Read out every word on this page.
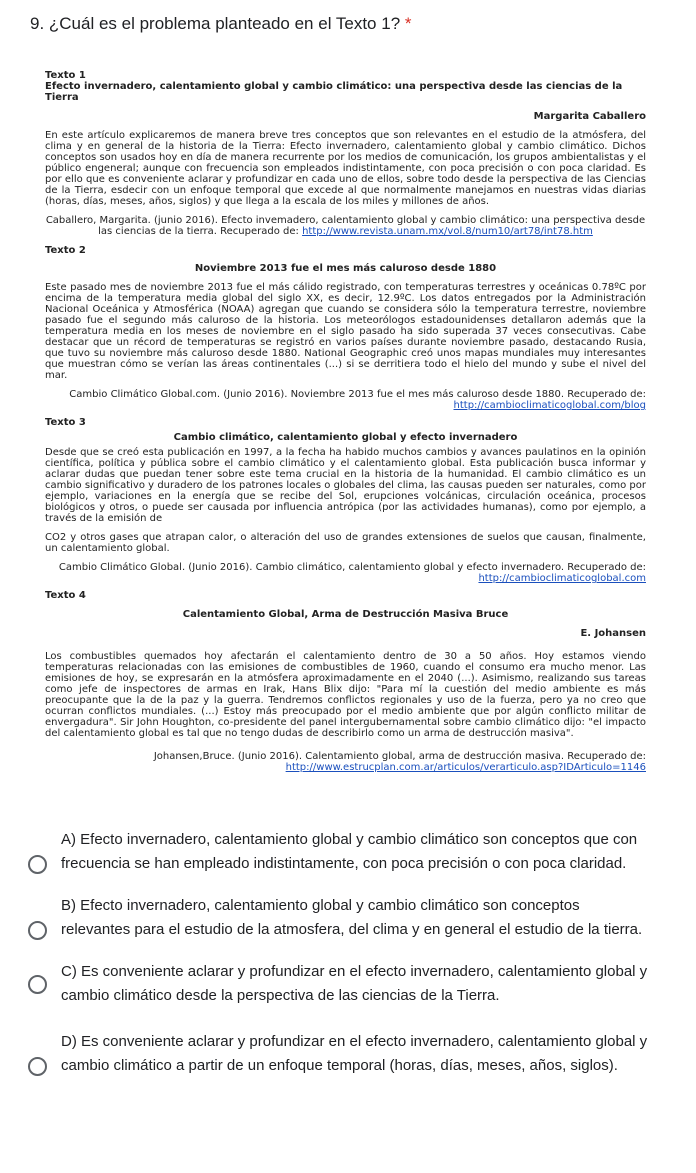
9. ¿Cuál es el problema planteado en el Texto 1? *
Texto 1
Efecto invernadero, calentamiento global y cambio climático: una perspectiva desde las ciencias de la Tierra
Margarita Caballero
En este artículo explicaremos de manera breve tres conceptos que son relevantes en el estudio de la atmósfera, del clima y en general de la historia de la Tierra: Efecto invernadero, calentamiento global y cambio climático. Dichos conceptos son usados hoy en día de manera recurrente por los medios de comunicación, los grupos ambientalistas y el público engeneral; aunque con frecuencia son empleados indistintamente, con poca precisión o con poca claridad. Es por ello que es conveniente aclarar y profundizar en cada uno de ellos, sobre todo desde la perspectiva de las Ciencias de la Tierra, esdecir con un enfoque temporal que excede al que normalmente manejamos en nuestras vidas diarias (horas, días, meses, años, siglos) y que llega a la escala de los miles y millones de años.
Caballero, Margarita. (junio 2016). Efecto invemadero, calentamiento global y cambio climático: una perspectiva desde las ciencias de la tierra. Recuperado de: http://www.revista.unam.mx/vol.8/num10/art78/int78.htm
Texto 2
Noviembre 2013 fue el mes más caluroso desde 1880
Este pasado mes de noviembre 2013 fue el más cálido registrado, con temperaturas terrestres y oceánicas 0.78ºC por encima de la temperatura media global del siglo XX, es decir, 12.9ºC. Los datos entregados por la Administración Nacional Oceánica y Atmosférica (NOAA) agregan que cuando se considera sólo la temperatura terrestre, noviembre pasado fue el segundo más caluroso de la historia. Los meteorólogos estadounidenses detallaron además que la temperatura media en los meses de noviembre en el siglo pasado ha sido superada 37 veces consecutivas. Cabe destacar que un récord de temperaturas se registró en varios países durante noviembre pasado, destacando Rusia, que tuvo su noviembre más caluroso desde 1880. National Geographic creó unos mapas mundiales muy interesantes que muestran cómo se verían las áreas continentales (...) si se derritiera todo el hielo del mundo y sube el nivel del mar.
Cambio Climático Global.com. (Junio 2016). Noviembre 2013 fue el mes más caluroso desde 1880. Recuperado de:
http://cambioclimaticoglobal.com/blog
Texto 3
Cambio climático, calentamiento global y efecto invernadero
Desde que se creó esta publicación en 1997, a la fecha ha habido muchos cambios y avances paulatinos en la opinión científica, política y pública sobre el cambio climático y el calentamiento global. Esta publicación busca informar y aclarar dudas que puedan tener sobre este tema crucial en la historia de la humanidad. El cambio climático es un cambio significativo y duradero de los patrones locales o globales del clima, las causas pueden ser naturales, como por ejemplo, variaciones en la energía que se recibe del Sol, erupciones volcánicas, circulación oceánica, procesos biológicos y otros, o puede ser causada por influencia antrópica (por las actividades humanas), como por ejemplo, a través de la emisión de
CO2 y otros gases que atrapan calor, o alteración del uso de grandes extensiones de suelos que causan, finalmente, un calentamiento global.
Cambio Climático Global. (Junio 2016). Cambio climático, calentamiento global y efecto invernadero. Recuperado de:
http://cambioclimaticoglobal.com
Texto 4
Calentamiento Global, Arma de Destrucción Masiva Bruce
E. Johansen
Los combustibles quemados hoy afectarán el calentamiento dentro de 30 a 50 años. Hoy estamos viendo temperaturas relacionadas con las emisiones de combustibles de 1960, cuando el consumo era mucho menor. Las emisiones de hoy, se expresarán en la atmósfera aproximadamente en el 2040 (...). Asimismo, realizando sus tareas como jefe de inspectores de armas en Irak, Hans Blix dijo: "Para mí la cuestión del medio ambiente es más preocupante que la de la paz y la guerra. Tendremos conflictos regionales y uso de la fuerza, pero ya no creo que ocurran conflictos mundiales. (...) Estoy más preocupado por el medio ambiente que por algún conflicto militar de envergadura". Sir John Houghton, co-presidente del panel intergubernamental sobre cambio climático dijo: "el impacto del calentamiento global es tal que no tengo dudas de describirlo como un arma de destrucción masiva".
Johansen,Bruce. (Junio 2016). Calentamiento global, arma de destrucción masiva. Recuperado de:
http://www.estrucplan.com.ar/articulos/verarticulo.asp?IDArticulo=1146
A) Efecto invernadero, calentamiento global y cambio climático son conceptos que con frecuencia se han empleado indistintamente, con poca precisión o con poca claridad.
B) Efecto invernadero, calentamiento global y cambio climático son conceptos relevantes para el estudio de la atmosfera, del clima y en general el estudio de la tierra.
C) Es conveniente aclarar y profundizar en el efecto invernadero, calentamiento global y cambio climático desde la perspectiva de las ciencias de la Tierra.
D) Es conveniente aclarar y profundizar en el efecto invernadero, calentamiento global y cambio climático a partir de un enfoque temporal (horas, días, meses, años, siglos).
